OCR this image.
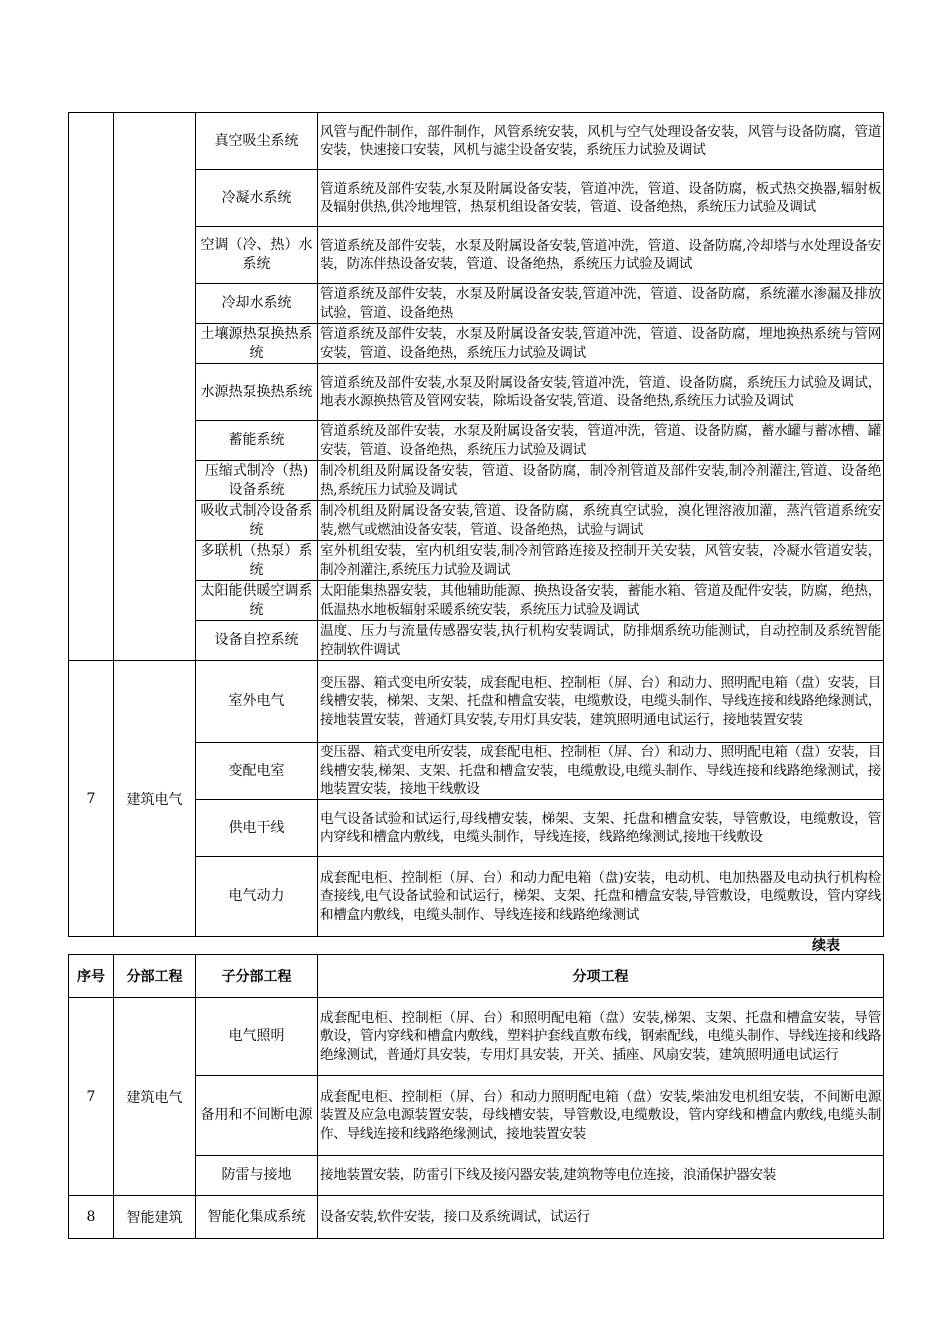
		真空吸尘系统	风管与配件制作，部件制作，风管系统安装，风机与空气处理设备安装，风管与设备防腐，管道安装，快速接口安装，风机与滤尘设备安装，系统压力试验及调试
		冷凝水系统	管道系统及部件安装,水泵及附属设备安装，管道冲洗，管道、设备防腐，板式热交换器,辐射板及辐射供热,供冷地埋管，热泵机组设备安装，管道、设备绝热，系统压力试验及调试
		空调（冷、热）水系统	管道系统及部件安装，水泵及附属设备安装,管道冲洗，管道、设备防腐,冷却塔与水处理设备安装，防冻伴热设备安装，管道、设备绝热，系统压力试验及调试
		冷却水系统	管道系统及部件安装，水泵及附属设备安装,管道冲洗，管道、设备防腐，系统灌水渗漏及排放试验，管道、设备绝热
		土壤源热泵换热系统	管道系统及部件安装，水泵及附属设备安装,管道冲洗，管道、设备防腐，埋地换热系统与管网安装，管道、设备绝热，系统压力试验及调试
		水源热泵换热系统	管道系统及部件安装,水泵及附属设备安装,管道冲洗，管道、设备防腐，系统压力试验及调试，地表水源换热管及管网安装，除垢设备安装,管道、设备绝热,系统压力试验及调试
		蓄能系统	管道系统及部件安装，水泵及附属设备安装，管道冲洗，管道、设备防腐，蓄水罐与蓄冰槽、罐安装，管道、设备绝热，系统压力试验及调试
		压缩式制冷（热)设备系统	制冷机组及附属设备安装，管道、设备防腐，制冷剂管道及部件安装,制冷剂灌注,管道、设备绝热,系统压力试验及调试
		吸收式制冷设备系统	制冷机组及附属设备安装,管道、设备防腐，系统真空试验，溴化锂溶液加灌，蒸汽管道系统安装,燃气或燃油设备安装，管道、设备绝热，试验与调试
		多联机（热泵）系统	室外机组安装，室内机组安装,制冷剂管路连接及控制开关安装，风管安装，冷凝水管道安装，制冷剂灌注,系统压力试验及调试
		太阳能供暖空调系统	太阳能集热器安装，其他辅助能源、换热设备安装，蓄能水箱、管道及配件安装，防腐，绝热，低温热水地板辐射采暖系统安装，系统压力试验及调试
		设备自控系统	温度、压力与流量传感器安装,执行机构安装调试，防排烟系统功能测试，自动控制及系统智能控制软件调试
7	建筑电气	室外电气	变压器、箱式变电所安装，成套配电柜、控制柜（屏、台）和动力、照明配电箱（盘）安装，目线槽安装，梯架、支架、托盘和槽盒安装，电缆敷设，电缆头制作、导线连接和线路绝缘测试，接地装置安装，普通灯具安装,专用灯具安装，建筑照明通电试运行，接地装置安装
		变配电室	变压器、箱式变电所安装，成套配电柜、控制柜（屏、台）和动力、照明配电箱（盘）安装，目线槽安装,梯架、支架、托盘和槽盒安装，电缆敷设,电缆头制作、导线连接和线路绝缘测试，接地装置安装，接地干线敷设
		供电干线	电气设备试验和试运行,母线槽安装，梯架、支架、托盘和槽盒安装，导管敷设，电缆敷设，管内穿线和槽盒内敷线，电缆头制作，导线连接，线路绝缘测试,接地干线敷设
		电气动力	成套配电柜、控制柜（屏、台）和动力配电箱（盘)安装，电动机、电加热器及电动执行机构检查接线,电气设备试验和试运行，梯架、支架、托盘和槽盒安装,导管敷设，电缆敷设，管内穿线和槽盒内敷线，电缆头制作、导线连接和线路绝缘测试
续表
序号	分部工程	子分部工程	分项工程
7	建筑电气	电气照明	成套配电柜、控制柜（屏、台）和照明配电箱（盘）安装,梯架、支架、托盘和槽盒安装，导管敷设，管内穿线和槽盒内敷线，塑料护套线直敷布线，钢索配线，电缆头制作、导线连接和线路绝缘测试，普通灯具安装，专用灯具安装，开关、插座、风扇安装，建筑照明通电试运行
		备用和不间断电源	成套配电柜、控制柜（屏、台）和动力照明配电箱（盘）安装,柴油发电机组安装，不间断电源装置及应急电源装置安装，母线槽安装，导管敷设,电缆敷设，管内穿线和槽盒内敷线,电缆头制作、导线连接和线路绝缘测试，接地装置安装
		防雷与接地	接地装置安装，防雷引下线及接闪器安装,建筑物等电位连接，浪涌保护器安装
8	智能建筑	智能化集成系统	设备安装,软件安装，接口及系统调试，试运行
